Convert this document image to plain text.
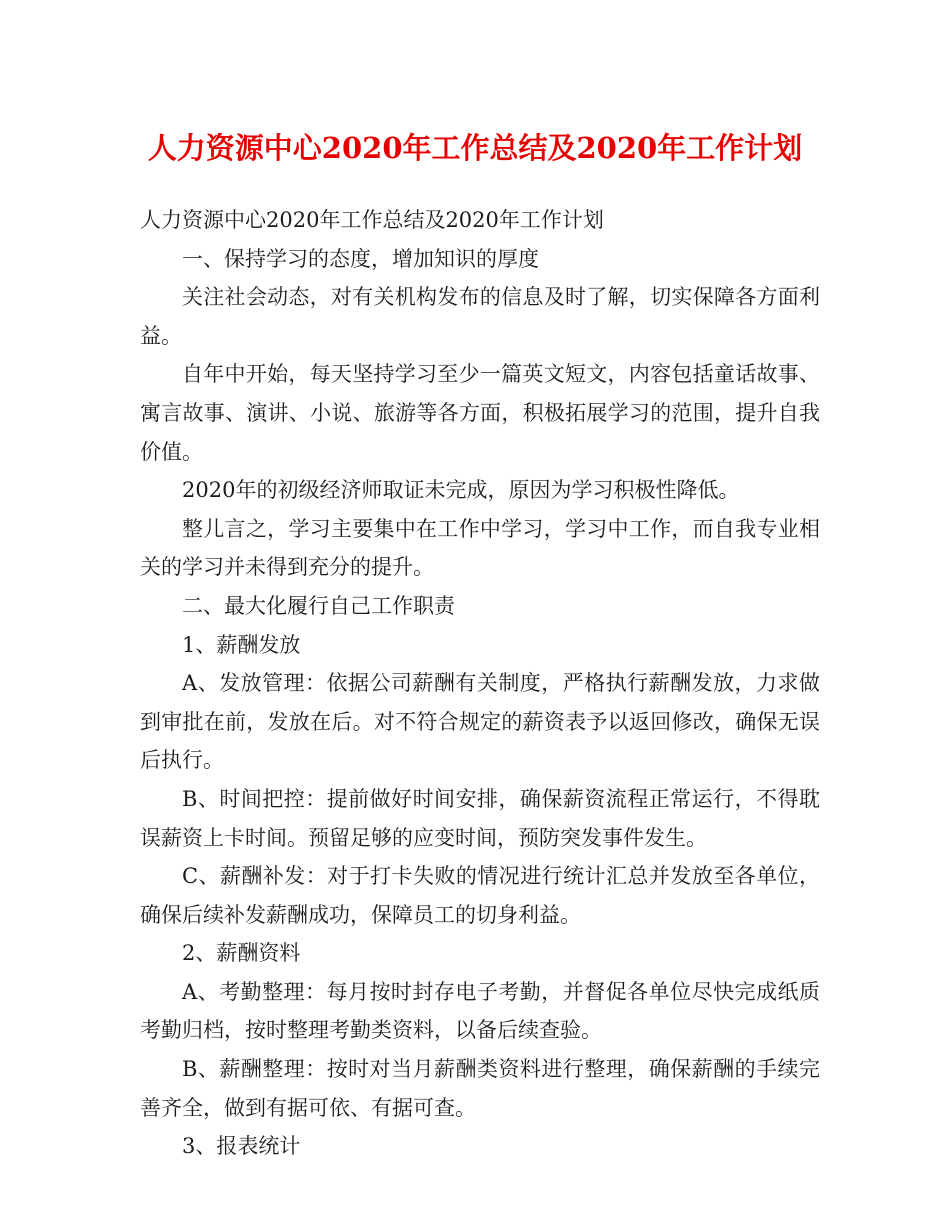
人力资源中心2020年工作总结及2020年工作计划

人力资源中心2020年工作总结及2020年工作计划

一、保持学习的态度，增加知识的厚度

关注社会动态，对有关机构发布的信息及时了解，切实保障各方面利益。

自年中开始，每天坚持学习至少一篇英文短文，内容包括童话故事、寓言故事、演讲、小说、旅游等各方面，积极拓展学习的范围，提升自我价值。

2020年的初级经济师取证未完成，原因为学习积极性降低。

整儿言之，学习主要集中在工作中学习，学习中工作，而自我专业相关的学习并未得到充分的提升。

二、最大化履行自己工作职责

1、薪酬发放

A、发放管理：依据公司薪酬有关制度，严格执行薪酬发放，力求做到审批在前，发放在后。对不符合规定的薪资表予以返回修改，确保无误后执行。

B、时间把控：提前做好时间安排，确保薪资流程正常运行，不得耽误薪资上卡时间。预留足够的应变时间，预防突发事件发生。

C、薪酬补发：对于打卡失败的情况进行统计汇总并发放至各单位，确保后续补发薪酬成功，保障员工的切身利益。

2、薪酬资料

A、考勤整理：每月按时封存电子考勤，并督促各单位尽快完成纸质考勤归档，按时整理考勤类资料，以备后续查验。

B、薪酬整理：按时对当月薪酬类资料进行整理，确保薪酬的手续完善齐全，做到有据可依、有据可查。

3、报表统计
